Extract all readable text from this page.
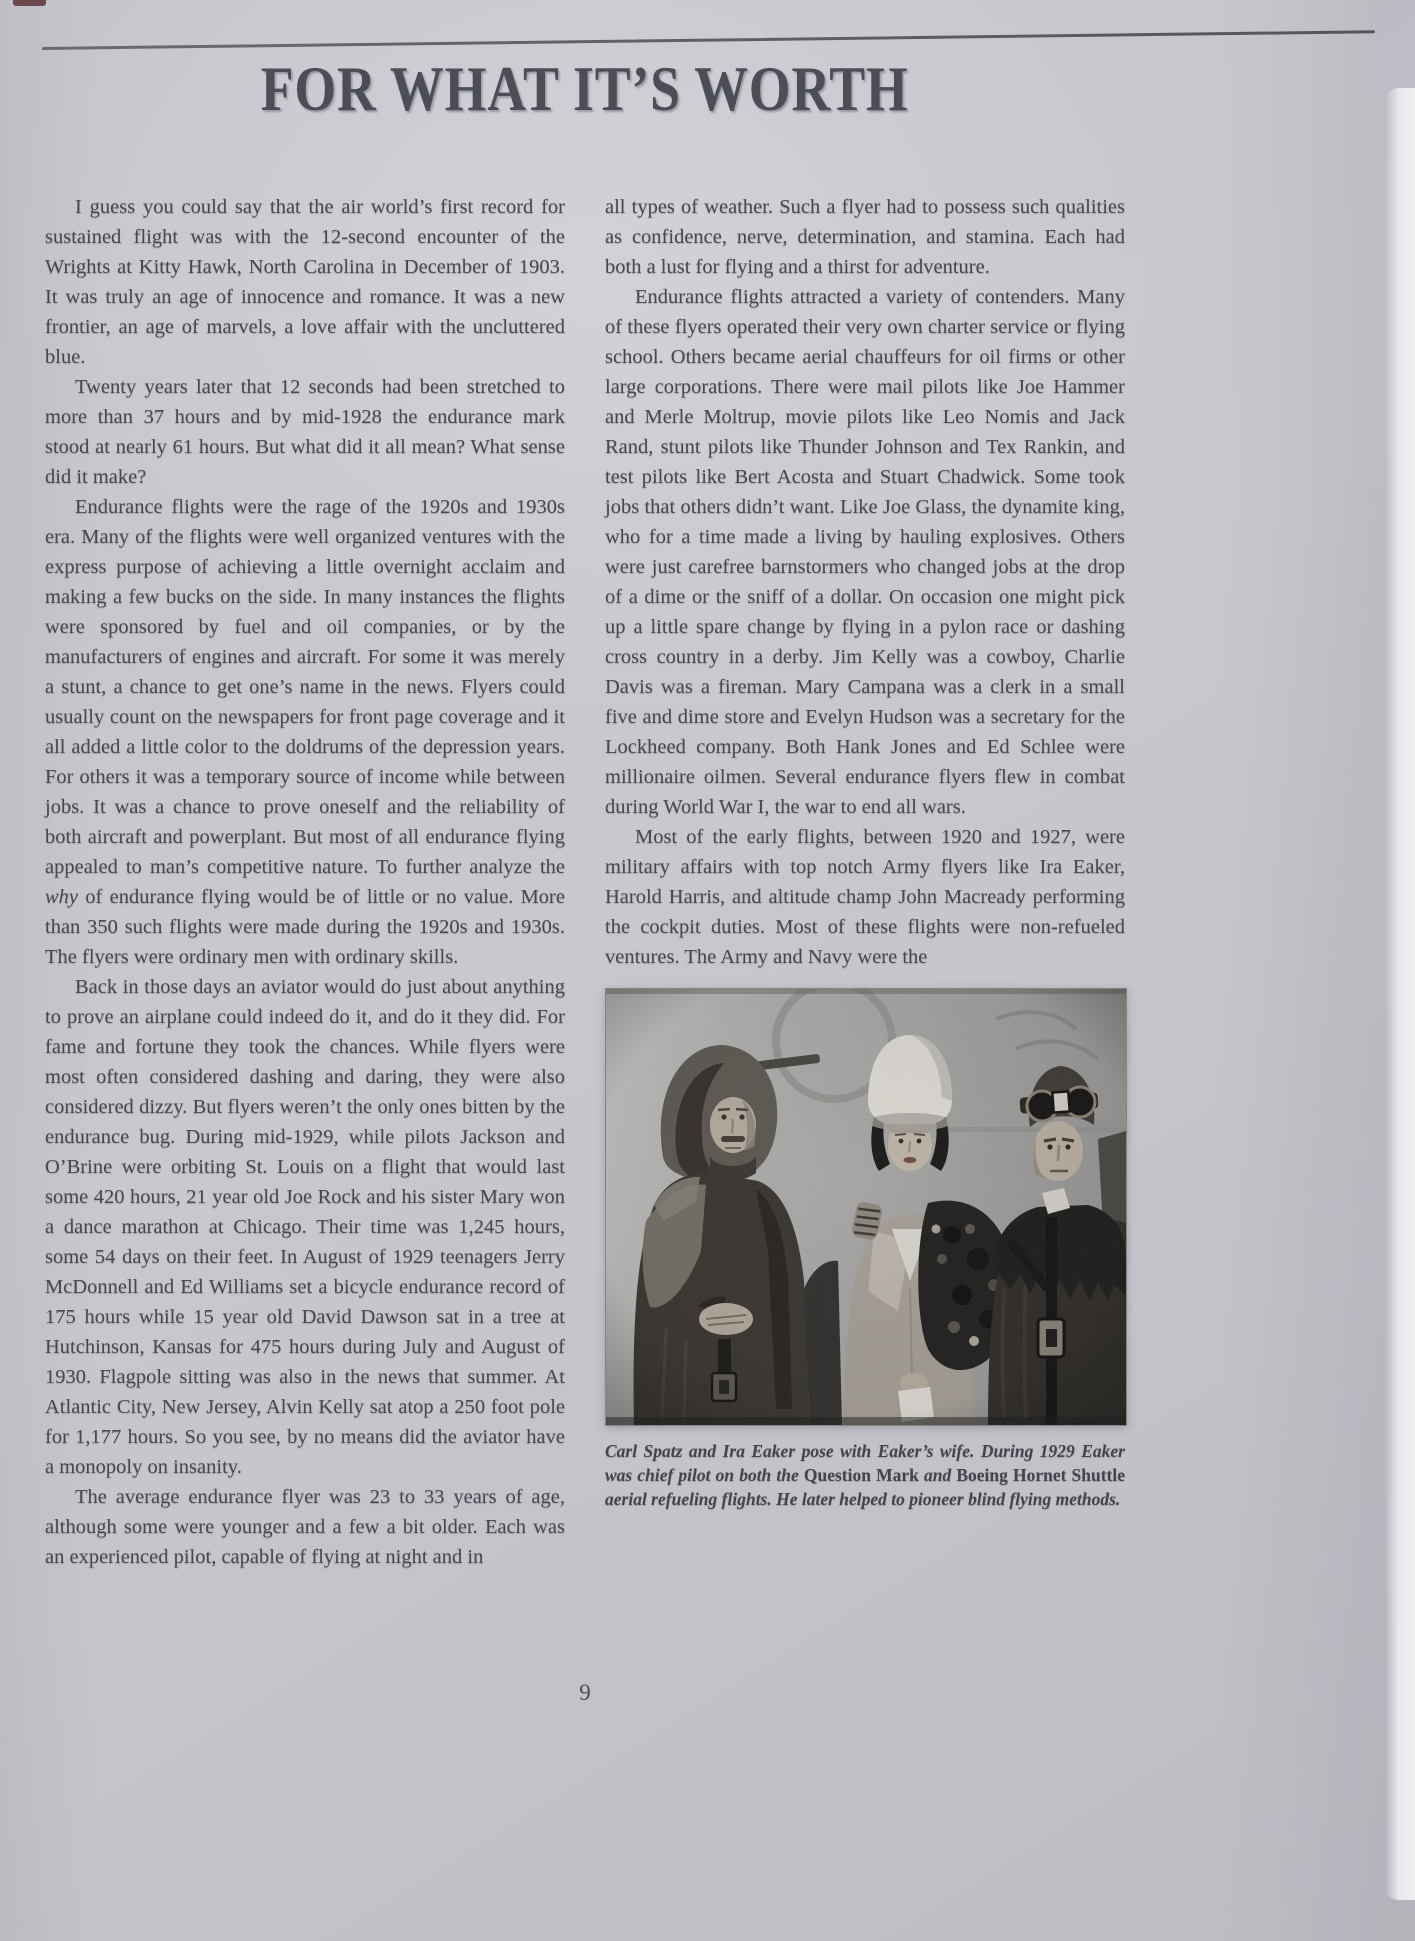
FOR WHAT IT’S WORTH

I guess you could say that the air world’s first record for sustained flight was with the 12-second encounter of the Wrights at Kitty Hawk, North Carolina in December of 1903. It was truly an age of innocence and romance. It was a new frontier, an age of marvels, a love affair with the uncluttered blue.

Twenty years later that 12 seconds had been stretched to more than 37 hours and by mid-1928 the endurance mark stood at nearly 61 hours. But what did it all mean? What sense did it make?

Endurance flights were the rage of the 1920s and 1930s era. Many of the flights were well organized ventures with the express purpose of achieving a little overnight acclaim and making a few bucks on the side. In many instances the flights were sponsored by fuel and oil companies, or by the manufacturers of engines and aircraft. For some it was merely a stunt, a chance to get one’s name in the news. Flyers could usually count on the newspapers for front page coverage and it all added a little color to the doldrums of the depression years. For others it was a temporary source of income while between jobs. It was a chance to prove oneself and the reliability of both aircraft and powerplant. But most of all endurance flying appealed to man’s competitive nature. To further analyze the why of endurance flying would be of little or no value. More than 350 such flights were made during the 1920s and 1930s. The flyers were ordinary men with ordinary skills.

Back in those days an aviator would do just about anything to prove an airplane could indeed do it, and do it they did. For fame and fortune they took the chances. While flyers were most often considered dashing and daring, they were also considered dizzy. But flyers weren’t the only ones bitten by the endurance bug. During mid-1929, while pilots Jackson and O’Brine were orbiting St. Louis on a flight that would last some 420 hours, 21 year old Joe Rock and his sister Mary won a dance marathon at Chicago. Their time was 1,245 hours, some 54 days on their feet. In August of 1929 teenagers Jerry McDonnell and Ed Williams set a bicycle endurance record of 175 hours while 15 year old David Dawson sat in a tree at Hutchinson, Kansas for 475 hours during July and August of 1930. Flagpole sitting was also in the news that summer. At Atlantic City, New Jersey, Alvin Kelly sat atop a 250 foot pole for 1,177 hours. So you see, by no means did the aviator have a monopoly on insanity.

The average endurance flyer was 23 to 33 years of age, although some were younger and a few a bit older. Each was an experienced pilot, capable of flying at night and in

all types of weather. Such a flyer had to possess such qualities as confidence, nerve, determination, and stamina. Each had both a lust for flying and a thirst for adventure.

Endurance flights attracted a variety of contenders. Many of these flyers operated their very own charter service or flying school. Others became aerial chauffeurs for oil firms or other large corporations. There were mail pilots like Joe Hammer and Merle Moltrup, movie pilots like Leo Nomis and Jack Rand, stunt pilots like Thunder Johnson and Tex Rankin, and test pilots like Bert Acosta and Stuart Chadwick. Some took jobs that others didn’t want. Like Joe Glass, the dynamite king, who for a time made a living by hauling explosives. Others were just carefree barnstormers who changed jobs at the drop of a dime or the sniff of a dollar. On occasion one might pick up a little spare change by flying in a pylon race or dashing cross country in a derby. Jim Kelly was a cowboy, Charlie Davis was a fireman. Mary Campana was a clerk in a small five and dime store and Evelyn Hudson was a secretary for the Lockheed company. Both Hank Jones and Ed Schlee were millionaire oilmen. Several endurance flyers flew in combat during World War I, the war to end all wars.

Most of the early flights, between 1920 and 1927, were military affairs with top notch Army flyers like Ira Eaker, Harold Harris, and altitude champ John Macready performing the cockpit duties. Most of these flights were non-refueled ventures. The Army and Navy were the

Carl Spatz and Ira Eaker pose with Eaker’s wife. During 1929 Eaker was chief pilot on both the Question Mark and Boeing Hornet Shuttle aerial refueling flights. He later helped to pioneer blind flying methods.
9
